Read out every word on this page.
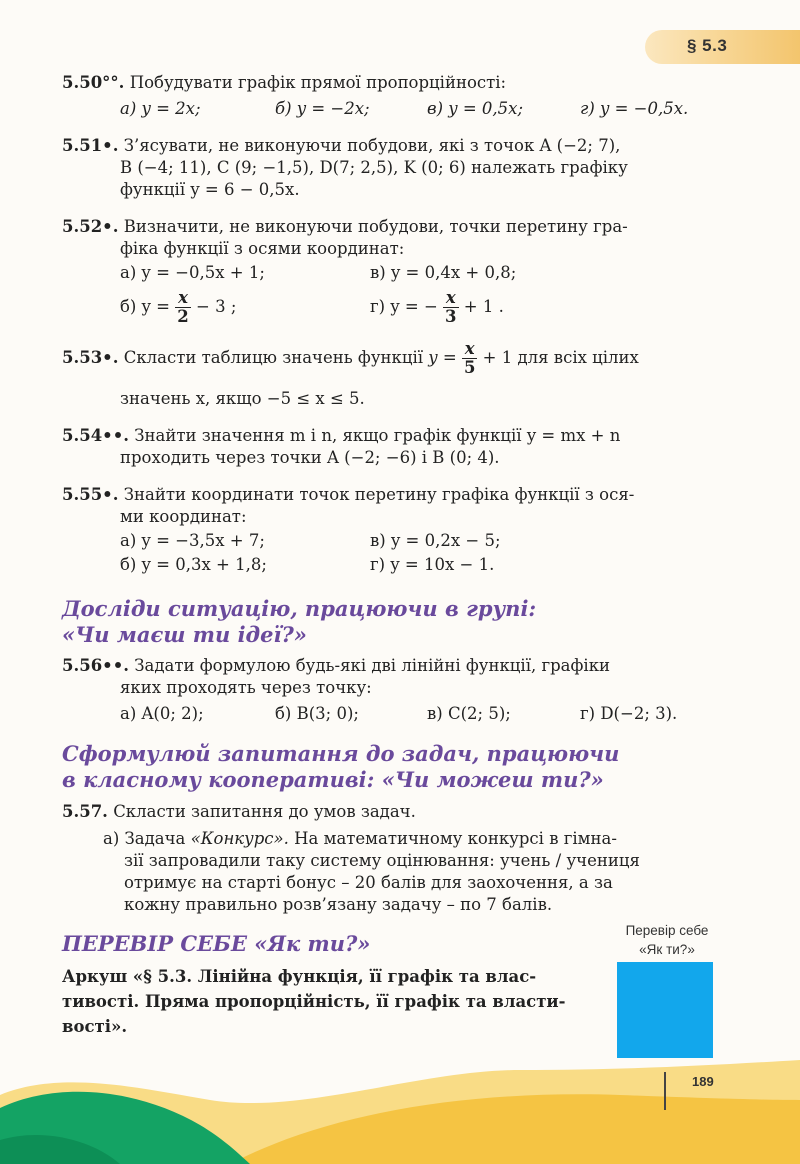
§ 5.3
5.50°°. Побудувати графік прямої пропорційності:
а) y = 2x;	б) y = −2x;	в) y = 0,5x;	г) y = −0,5x.
5.51•. З’ясувати, не виконуючи побудови, які з точок A (−2; 7),
B (−4; 11), C (9; −1,5), D(7; 2,5), K (0; 6) належать графіку
функції y = 6 − 0,5x.
5.52•. Визначити, не виконуючи побудови, точки перетину гра-
фіка функції з осями координат:
а) y = −0,5x + 1;	в) y = 0,4x + 0,8;
б) $y = \frac{x}{2} - 3$ ;	г) y = − $\frac{x}{3} + 1$ .
5.53•. Скласти таблицю значень функції $y = \frac{x}{5} + 1$ для всіх цілих
значень x, якщо −5 ≤ x ≤ 5.
5.54••. Знайти значення m і n, якщо графік функції y = mx + n
проходить через точки A (−2; −6) і B (0; 4).
5.55•. Знайти координати точок перетину графіка функції з ося-
ми координат:
а) y = −3,5x + 7;	в) y = 0,2x − 5;
б) y = 0,3x + 1,8;	г) y = 10x − 1.
Досліди ситуацію, працюючи в групі:
«Чи маєш ти ідеї?»
5.56••. Задати формулою будь-які дві лінійні функції, графіки
яких проходять через точку:
а) A(0; 2);	б) B(3; 0);	в) C(2; 5);	г) D(−2; 3).
Сформулюй запитання до задач, працюючи
в класному кооперативі: «Чи можеш ти?»
5.57. Скласти запитання до умов задач.
а) Задача «Конкурс». На математичному конкурсі в гімна-
зії запровадили таку систему оцінювання: учень / учениця
отримує на старті бонус – 20 балів для заохочення, а за
кожну правильно розв’язану задачу – по 7 балів.
ПЕРЕВІР СЕБЕ «Як ти?»
Аркуш «§ 5.3. Лінійна функція, її графік та влас-
тивості. Пряма пропорційність, її графік та власти-
вості».
Перевір себе
«Як ти?»
189
